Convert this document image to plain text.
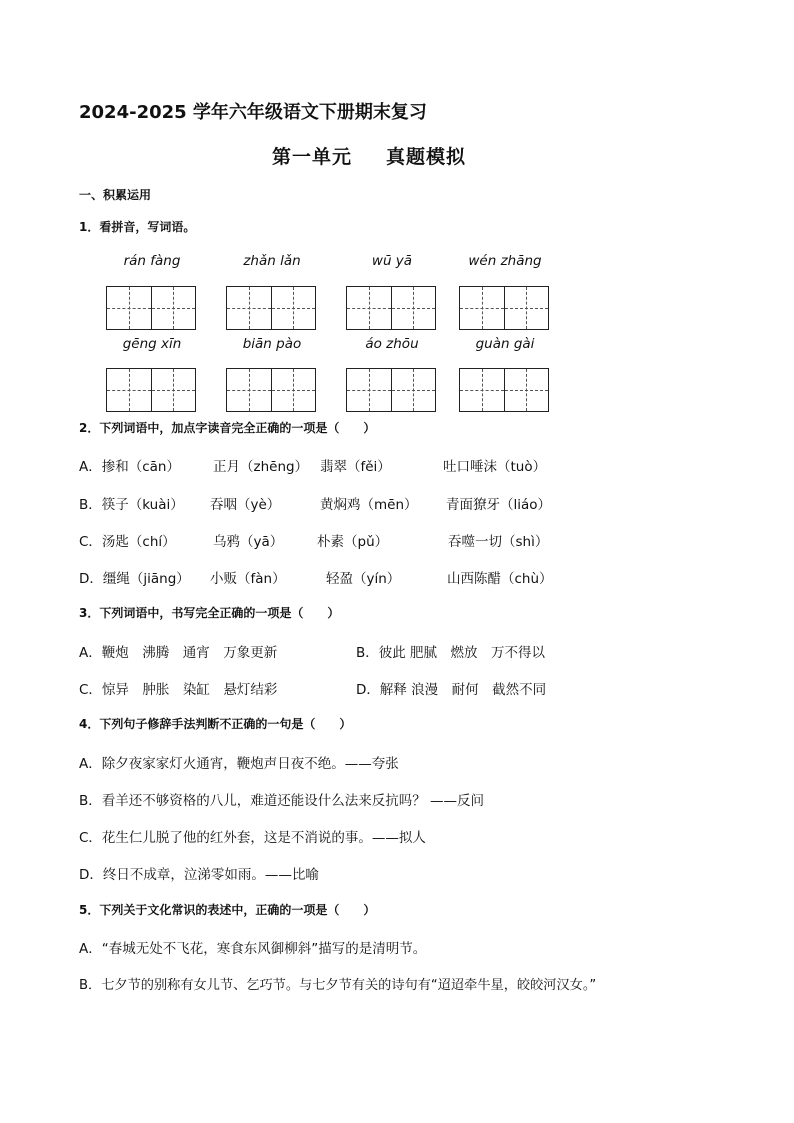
2024-2025 学年六年级语文下册期末复习
第一单元 真题模拟
一、积累运用
1．看拼音，写词语。
rán fàng	zhǎn lǎn	wū yā	wén zhāng
gēng xīn	biān pào	áo zhōu	guàn gài
2．下列词语中，加点字读音完全正确的一项是（　　）
A．掺和（cān） 正月（zhēng） 翡翠（fěi）	吐口唾沫（tuò）
B．筷子（kuài） 吞咽（yè）	黄焖鸡（mēn） 青面獠牙（liáo）
C．汤匙（chí）	乌鸦（yā） 朴素（pǔ）	吞噬一切（shì）
D．缰绳（jiāng） 小贩（fàn）	轻盈（yín）	山西陈醋（chù）
3．下列词语中，书写完全正确的一项是（　　）
A．鞭炮　沸腾　通宵　万象更新	B．彼此 肥腻　燃放　万不得以
C．惊异　肿胀　染缸　悬灯结彩	D．解释 浪漫　耐何　截然不同
4．下列句子修辞手法判断不正确的一句是（　　）
A．除夕夜家家灯火通宵，鞭炮声日夜不绝。——夸张
B．看羊还不够资格的八儿，难道还能设什么法来反抗吗？ ——反问
C．花生仁儿脱了他的红外套，这是不消说的事。——拟人
D．终日不成章，泣涕零如雨。——比喻
5．下列关于文化常识的表述中，正确的一项是（　　）
A．“春城无处不飞花，寒食东风御柳斜”描写的是清明节。
B．七夕节的别称有女儿节、乞巧节。与七夕节有关的诗句有“迢迢牵牛星，皎皎河汉女。”
